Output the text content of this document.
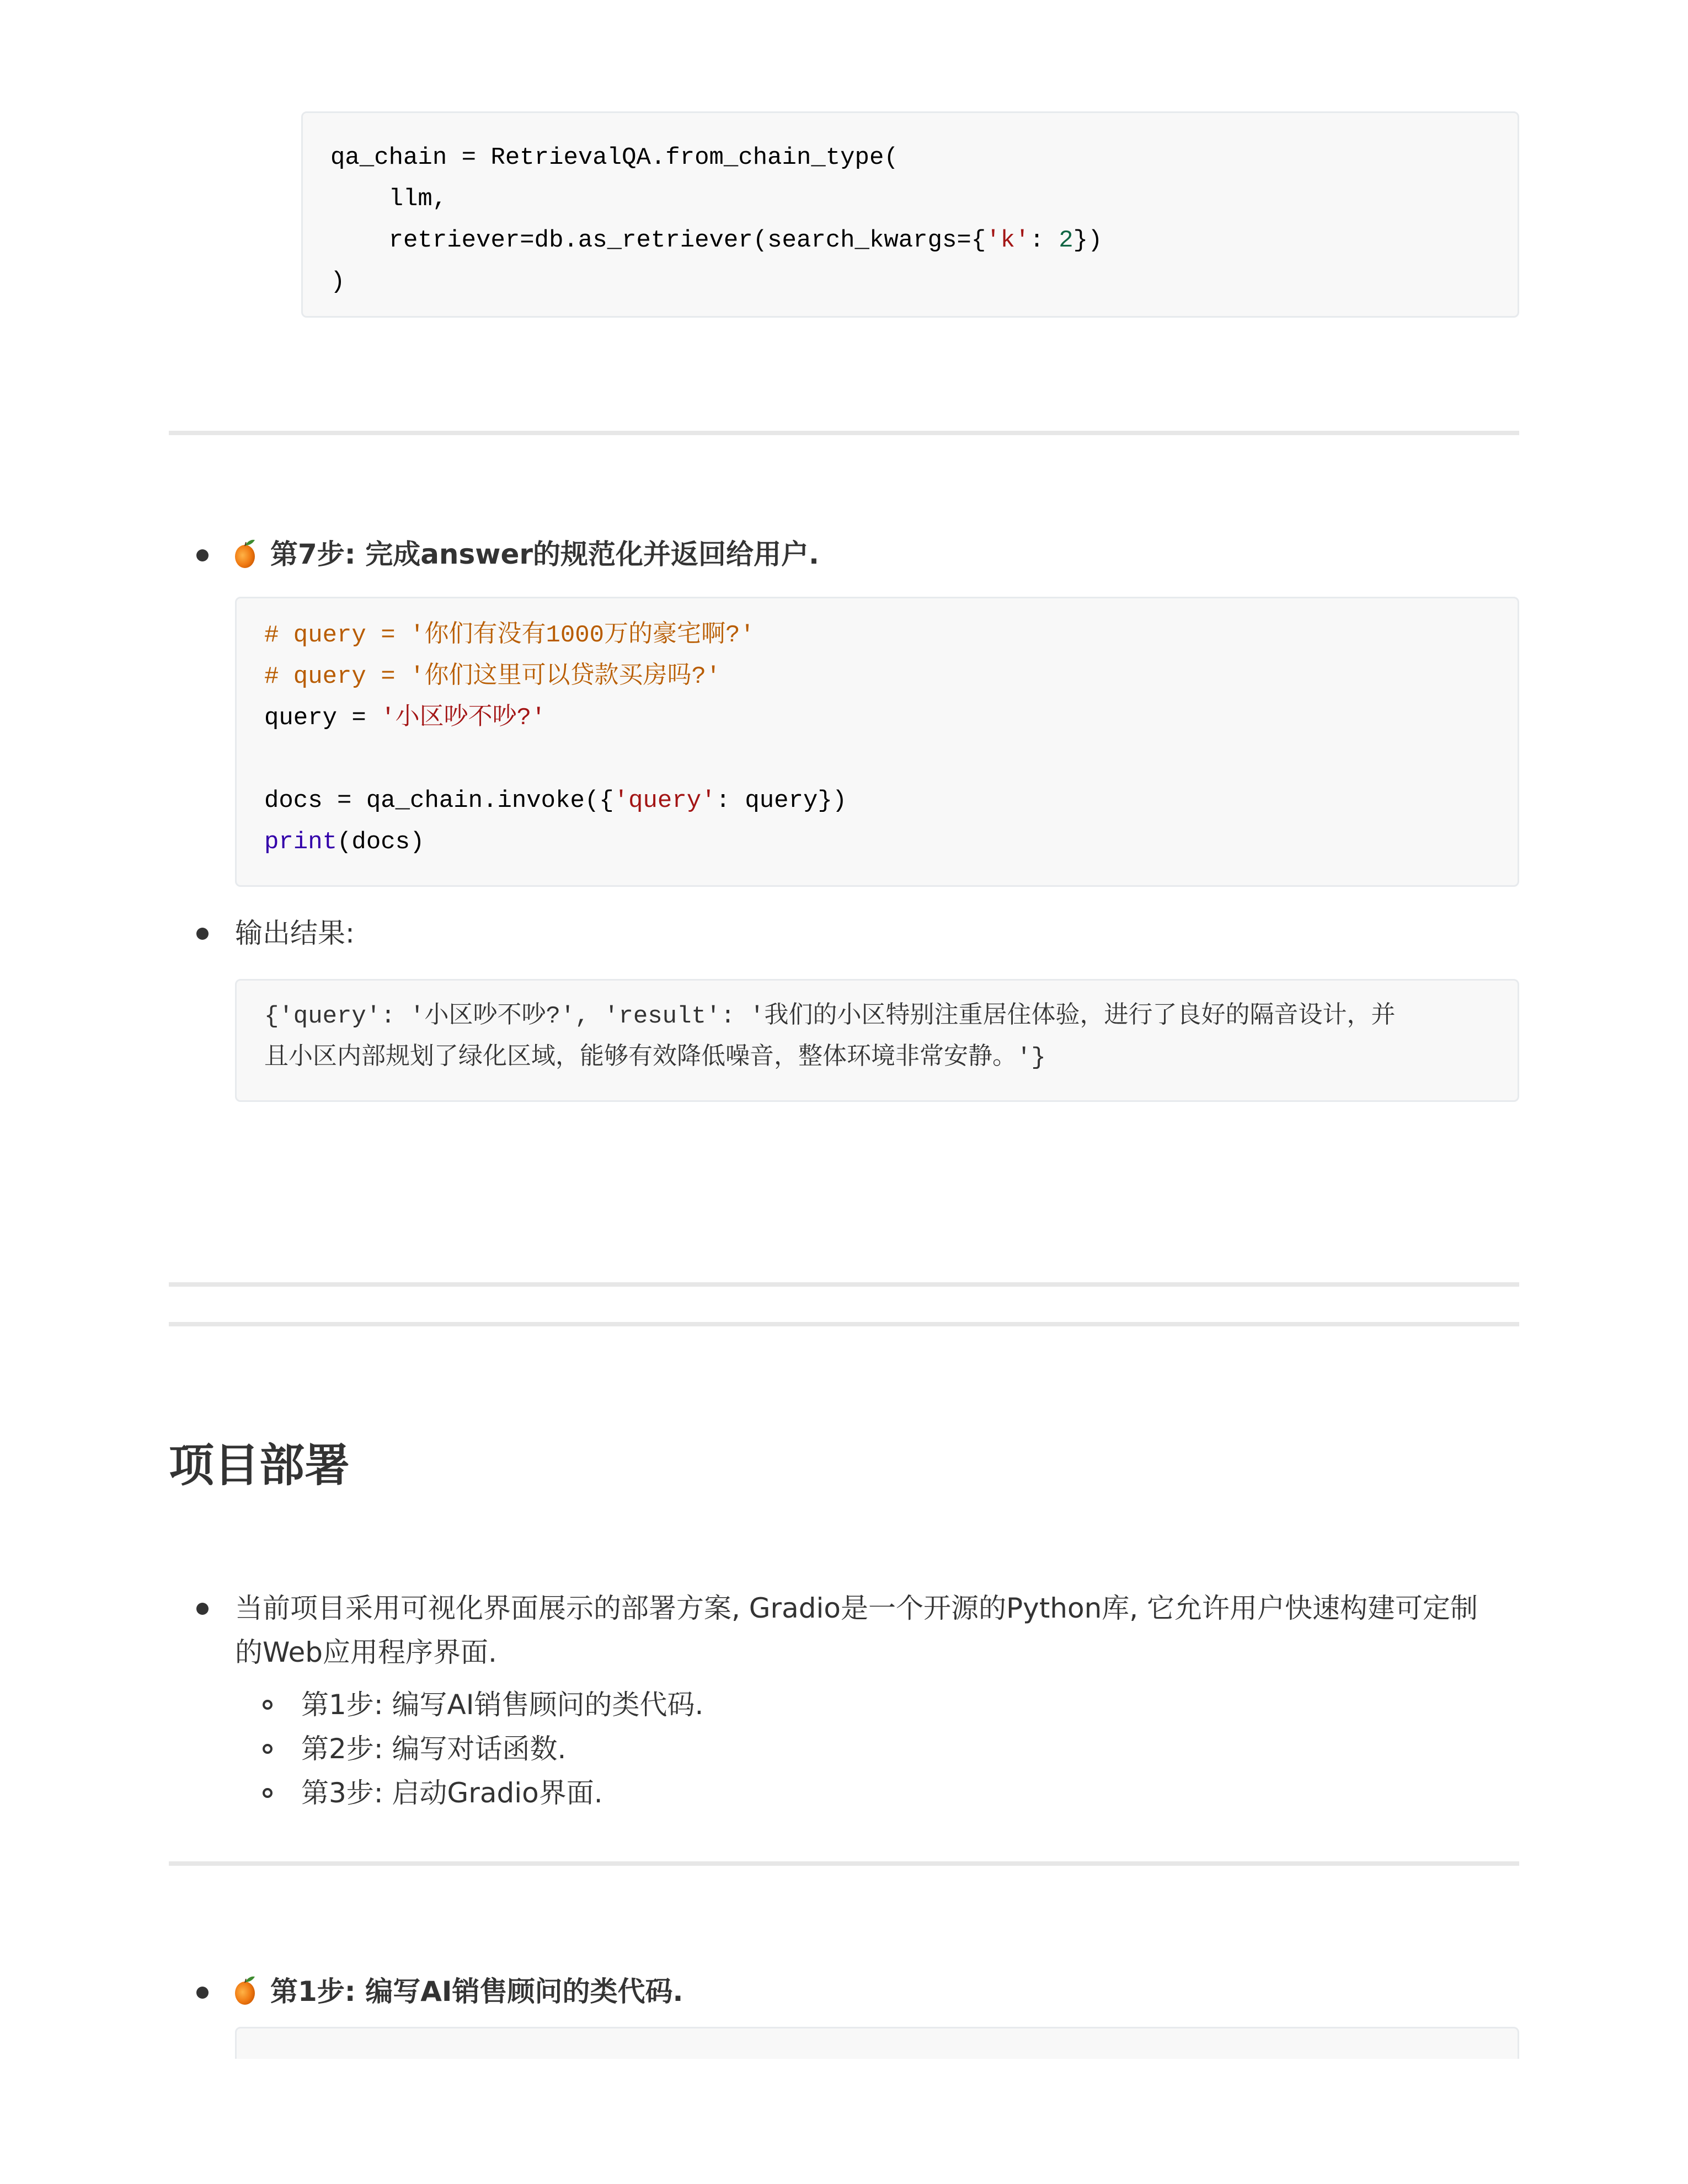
qa_chain = RetrievalQA.from_chain_type(
llm,
retriever=db.as_retriever(search_kwargs={'k': 2})
)
第7步: 完成answer的规范化并返回给用户.
# query = '你们有没有1000万的豪宅啊?'
# query = '你们这里可以贷款买房吗?'
query = '小区吵不吵?'
docs = qa_chain.invoke({'query': query})
print(docs)
输出结果:
{'query': '小区吵不吵?', 'result': '我们的小区特别注重居住体验，进行了良好的隔音设计，并
且小区内部规划了绿化区域，能够有效降低噪音，整体环境非常安静。'}
项目部署
当前项目采用可视化界面展示的部署方案, Gradio是一个开源的Python库, 它允许用户快速构建可定制
的Web应用程序界面.
第1步: 编写AI销售顾问的类代码.
第2步: 编写对话函数.
第3步: 启动Gradio界面.
第1步: 编写AI销售顾问的类代码.
